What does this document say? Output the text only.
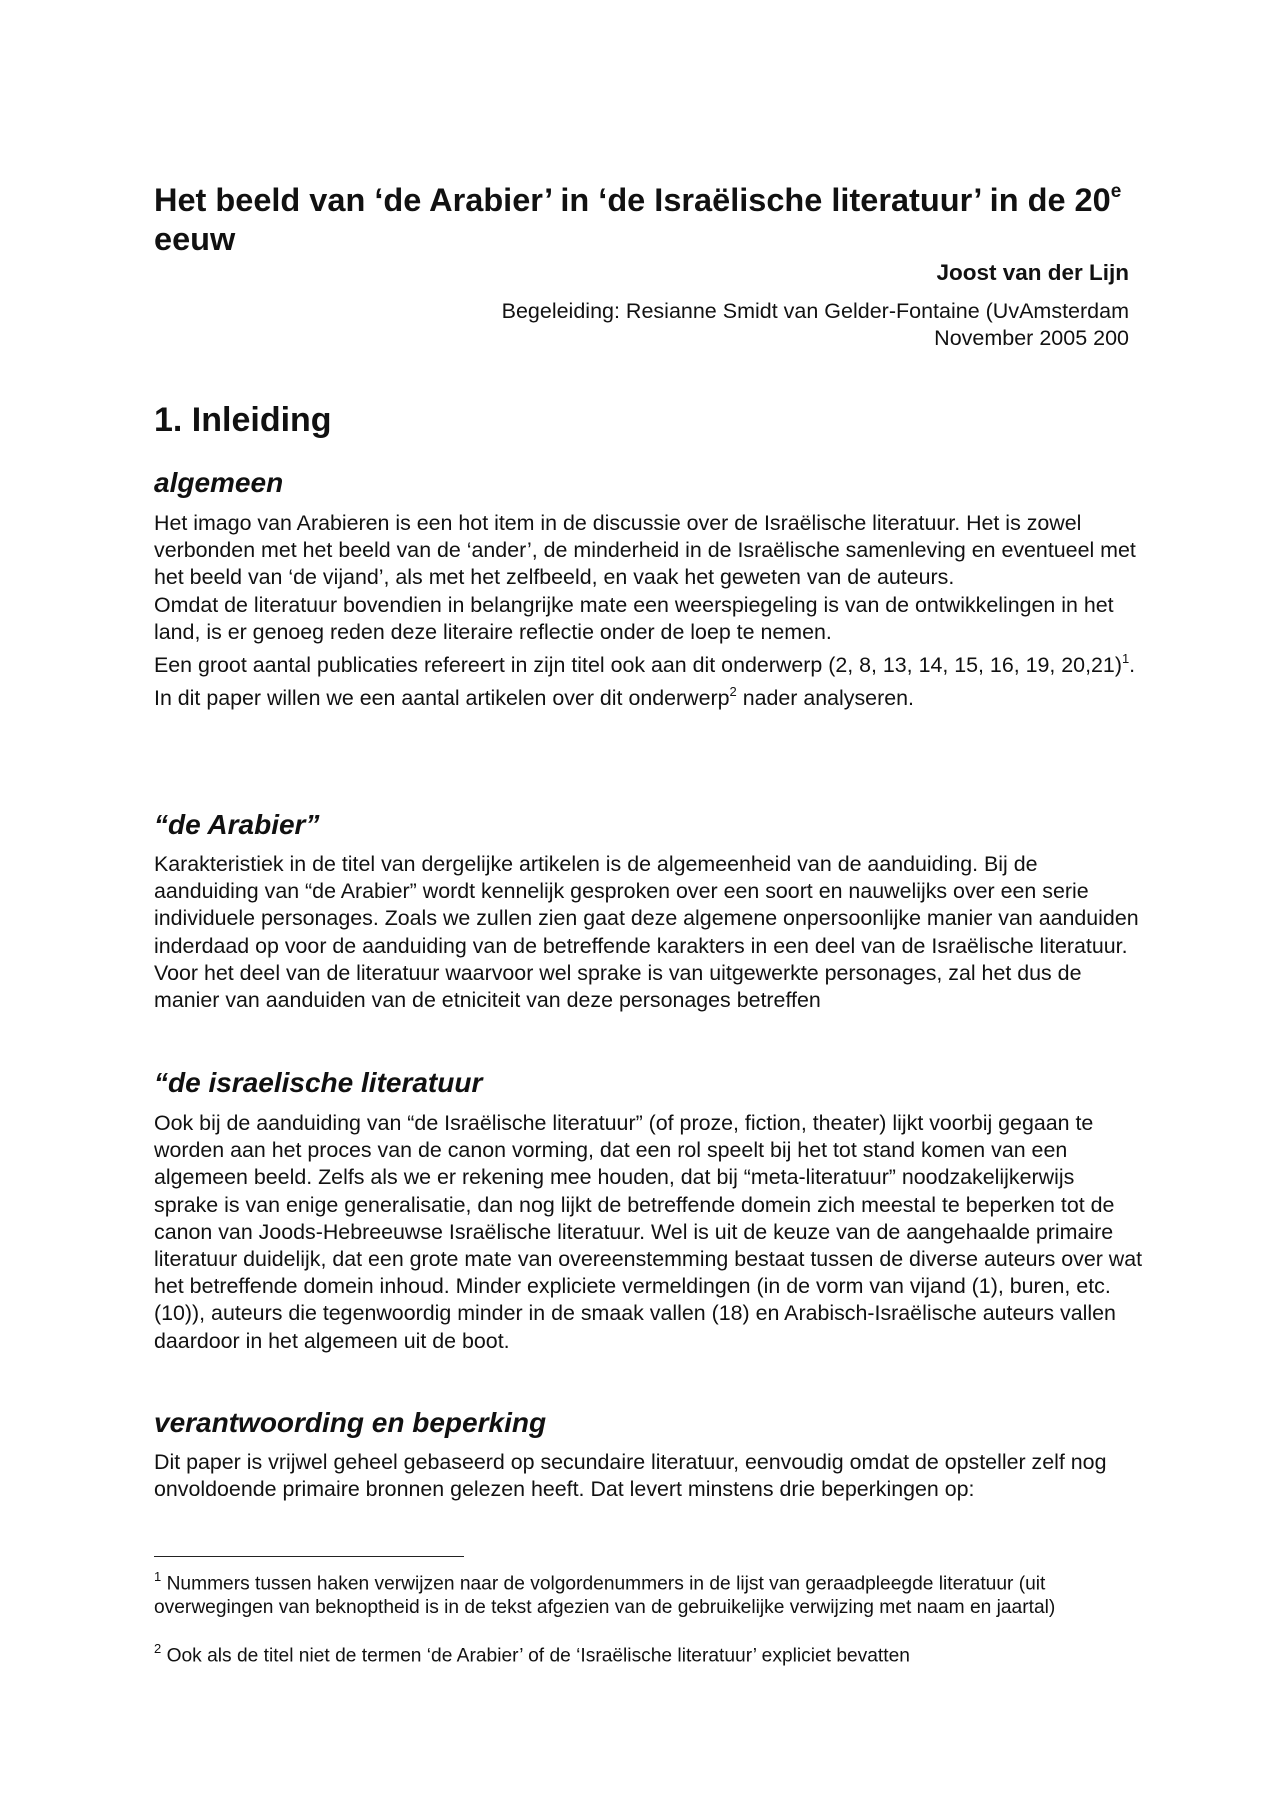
Het beeld van ‘de Arabier’ in ‘de Israëlische literatuur’ in de 20e eeuw
Joost van der Lijn
Begeleiding: Resianne Smidt van Gelder-Fontaine (UvAmsterdam
November 2005 200
1. Inleiding
algemeen

Het imago van Arabieren is een hot item in de discussie over de Israëlische literatuur. Het is zowel verbonden met het beeld van de ‘ander’, de minderheid in de Israëlische samenleving en eventueel met het beeld van ‘de vijand’, als met het zelfbeeld, en vaak het geweten van de auteurs.

Omdat de literatuur bovendien in belangrijke mate een weerspiegeling is van de ontwikkelingen in het land, is er genoeg reden deze literaire reflectie onder de loep te nemen.

Een groot aantal publicaties refereert in zijn titel ook aan dit onderwerp (2, 8, 13, 14, 15, 16, 19, 20,21)$^1$.

In dit paper willen we een aantal artikelen over dit onderwerp$^2$ nader analyseren.

“de Arabier”

Karakteristiek in de titel van dergelijke artikelen is de algemeenheid van de aanduiding. Bij de aanduiding van “de Arabier” wordt kennelijk gesproken over een soort en nauwelijks over een serie individuele personages. Zoals we zullen zien gaat deze algemene onpersoonlijke manier van aanduiden inderdaad op voor de aanduiding van de betreffende karakters in een deel van de Israëlische literatuur. Voor het deel van de literatuur waarvoor wel sprake is van uitgewerkte personages, zal het dus de manier van aanduiden van de etniciteit van deze personages betreffen

“de israelische literatuur

Ook bij de aanduiding van “de Israëlische literatuur” (of proze, fiction, theater) lijkt voorbij gegaan te worden aan het proces van de canon vorming, dat een rol speelt bij het tot stand komen van een algemeen beeld. Zelfs als we er rekening mee houden, dat bij “meta-literatuur” noodzakelijkerwijs sprake is van enige generalisatie, dan nog lijkt de betreffende domein zich meestal te beperken tot de canon van Joods-Hebreeuwse Israëlische literatuur. Wel is uit de keuze van de aangehaalde primaire literatuur duidelijk, dat een grote mate van overeenstemming bestaat tussen de diverse auteurs over wat het betreffende domein inhoud. Minder expliciete vermeldingen (in de vorm van vijand (1), buren, etc.(10)), auteurs die tegenwoordig minder in de smaak vallen (18) en Arabisch-Israëlische auteurs vallen daardoor in het algemeen uit de boot.

verantwoording en beperking

Dit paper is vrijwel geheel gebaseerd op secundaire literatuur, eenvoudig omdat de opsteller zelf nog onvoldoende primaire bronnen gelezen heeft. Dat levert minstens drie beperkingen op:

$^1$ Nummers tussen haken verwijzen naar de volgordenummers in de lijst van geraadpleegde literatuur (uit overwegingen van beknoptheid is in de tekst afgezien van de gebruikelijke verwijzing met naam en jaartal)
$^2$ Ook als de titel niet de termen ‘de Arabier’ of de ‘Israëlische literatuur’ expliciet bevatten
